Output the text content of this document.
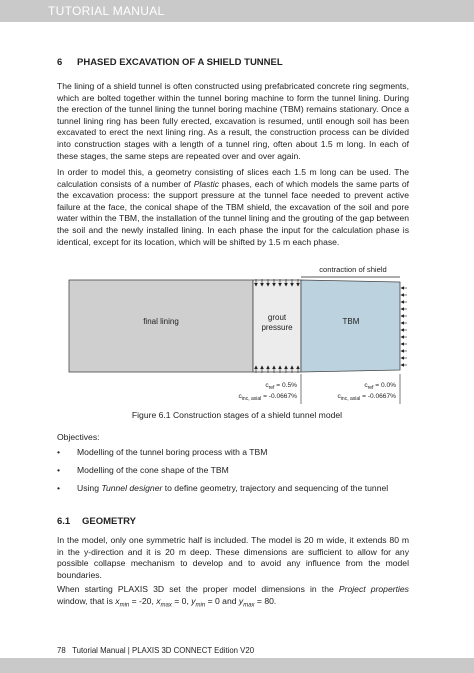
TUTORIAL MANUAL
6 PHASED EXCAVATION OF A SHIELD TUNNEL

The lining of a shield tunnel is often constructed using prefabricated concrete ring segments, which are bolted together within the tunnel boring machine to form the tunnel lining. During the erection of the tunnel lining the tunnel boring machine (TBM) remains stationary. Once a tunnel lining ring has been fully erected, excavation is resumed, until enough soil has been excavated to erect the next lining ring. As a result, the construction process can be divided into construction stages with a length of a tunnel ring, often about 1.5 m long. In each of these stages, the same steps are repeated over and over again.

In order to model this, a geometry consisting of slices each 1.5 m long can be used. The calculation consists of a number of Plastic phases, each of which models the same parts of the excavation process: the support pressure at the tunnel face needed to prevent active failure at the face, the conical shape of the TBM shield, the excavation of the soil and pore water within the TBM, the installation of the tunnel lining and the grouting of the gap between the soil and the newly installed lining. In each phase the input for the calculation phase is identical, except for its location, which will be shifted by 1.5 m each phase.

contraction of shield
final lining	grout
pressure
TBM
$c_{ref} = 0.5\%$
$c_{inc, axial} = -0.0667\%$
$c_{ref} = 0.0\%$
$c_{inc, axial} = -0.0667\%$
Figure 6.1 Construction stages of a shield tunnel model

Objectives:

• Modelling of the tunnel boring process with a TBM
• Modelling of the cone shape of the TBM
• Using Tunnel designer to define geometry, trajectory and sequencing of the tunnel
6.1 GEOMETRY

In the model, only one symmetric half is included. The model is 20 m wide, it extends 80 m in the y-direction and it is 20 m deep. These dimensions are sufficient to allow for any possible collapse mechanism to develop and to avoid any influence from the model boundaries.

When starting PLAXIS 3D set the proper model dimensions in the Project properties window, that is $x_{min} = -20$, $x_{max} = 0$, $y_{min} = 0$ and $y_{max} = 80$.

78 Tutorial Manual | PLAXIS 3D CONNECT Edition V20
